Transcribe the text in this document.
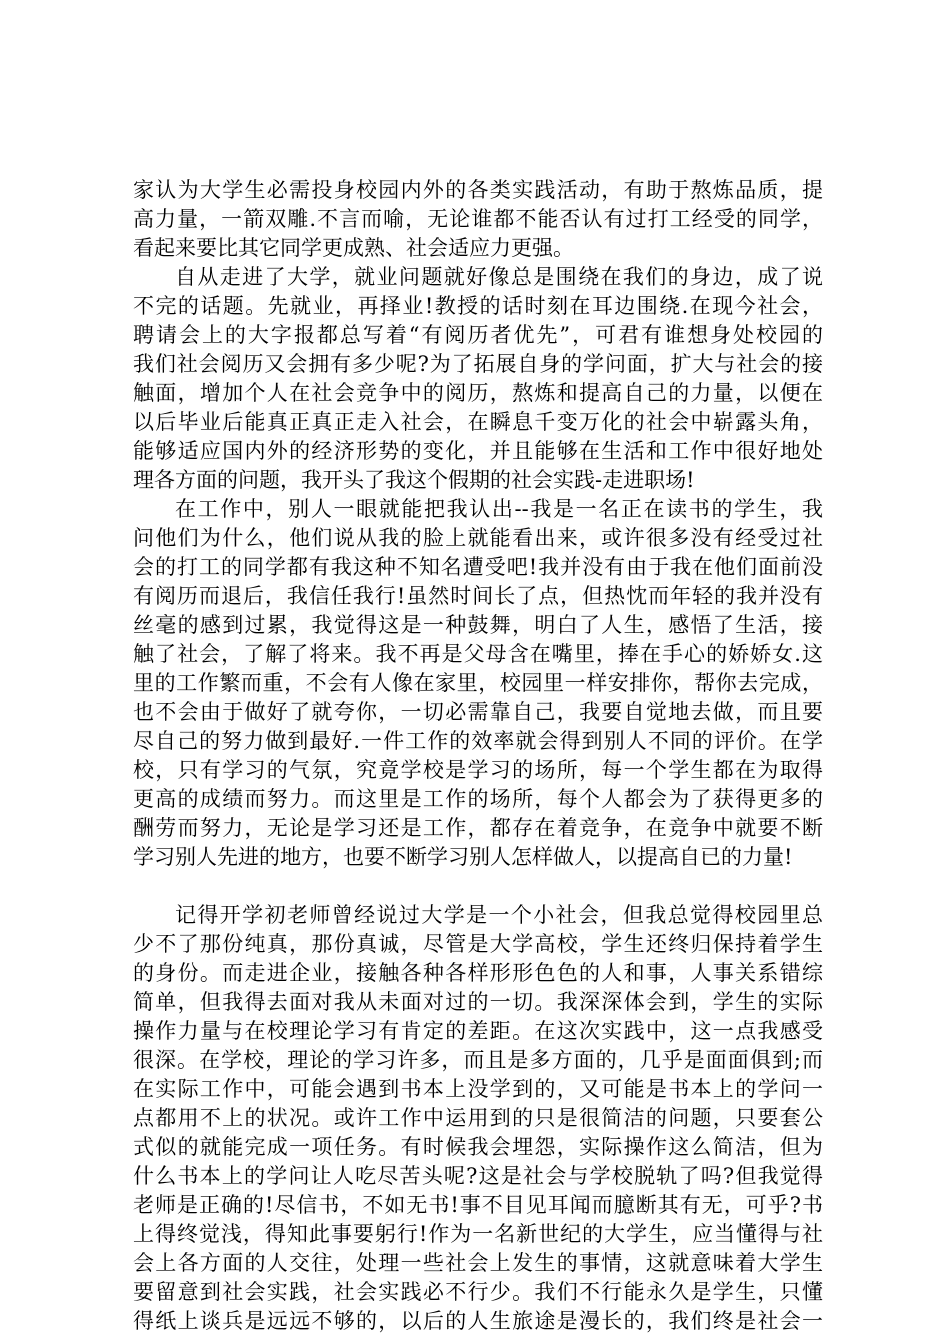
家认为大学生必需投身校园内外的各类实践活动，有助于熬炼品质，提
高力量，一箭双雕.不言而喻，无论谁都不能否认有过打工经受的同学，
看起来要比其它同学更成熟、社会适应力更强。
自从走进了大学，就业问题就好像总是围绕在我们的身边，成了说
不完的话题。先就业，再择业!教授的话时刻在耳边围绕.在现今社会，
聘请会上的大字报都总写着“有阅历者优先”，可君有谁想身处校园的
我们社会阅历又会拥有多少呢?为了拓展自身的学问面，扩大与社会的接
触面，增加个人在社会竞争中的阅历，熬炼和提高自己的力量，以便在
以后毕业后能真正真正走入社会，在瞬息千变万化的社会中崭露头角，
能够适应国内外的经济形势的变化，并且能够在生活和工作中很好地处
理各方面的问题，我开头了我这个假期的社会实践-走进职场!
在工作中，别人一眼就能把我认出--我是一名正在读书的学生，我
问他们为什么，他们说从我的脸上就能看出来，或许很多没有经受过社
会的打工的同学都有我这种不知名遭受吧!我并没有由于我在他们面前没
有阅历而退后，我信任我行!虽然时间长了点，但热忱而年轻的我并没有
丝毫的感到过累，我觉得这是一种鼓舞，明白了人生，感悟了生活，接
触了社会，了解了将来。我不再是父母含在嘴里，捧在手心的娇娇女.这
里的工作繁而重，不会有人像在家里，校园里一样安排你，帮你去完成，
也不会由于做好了就夸你，一切必需靠自己，我要自觉地去做，而且要
尽自己的努力做到最好.一件工作的效率就会得到别人不同的评价。在学
校，只有学习的气氛，究竟学校是学习的场所，每一个学生都在为取得
更高的成绩而努力。而这里是工作的场所，每个人都会为了获得更多的
酬劳而努力，无论是学习还是工作，都存在着竞争，在竞争中就要不断
学习别人先进的地方，也要不断学习别人怎样做人，以提高自已的力量!
记得开学初老师曾经说过大学是一个小社会，但我总觉得校园里总
少不了那份纯真，那份真诚，尽管是大学高校，学生还终归保持着学生
的身份。而走进企业，接触各种各样形形色色的人和事，人事关系错综
简单，但我得去面对我从未面对过的一切。我深深体会到，学生的实际
操作力量与在校理论学习有肯定的差距。在这次实践中，这一点我感受
很深。在学校，理论的学习许多，而且是多方面的，几乎是面面俱到;而
在实际工作中，可能会遇到书本上没学到的，又可能是书本上的学问一
点都用不上的状况。或许工作中运用到的只是很简洁的问题，只要套公
式似的就能完成一项任务。有时候我会埋怨，实际操作这么简洁，但为
什么书本上的学问让人吃尽苦头呢?这是社会与学校脱轨了吗?但我觉得
老师是正确的!尽信书，不如无书!事不目见耳闻而臆断其有无，可乎?书
上得终觉浅，得知此事要躬行!作为一名新世纪的大学生，应当懂得与社
会上各方面的人交往，处理一些社会上发生的事情，这就意味着大学生
要留意到社会实践，社会实践必不行少。我们不行能永久是学生，只懂
得纸上谈兵是远远不够的，以后的人生旅途是漫长的，我们终是社会一
